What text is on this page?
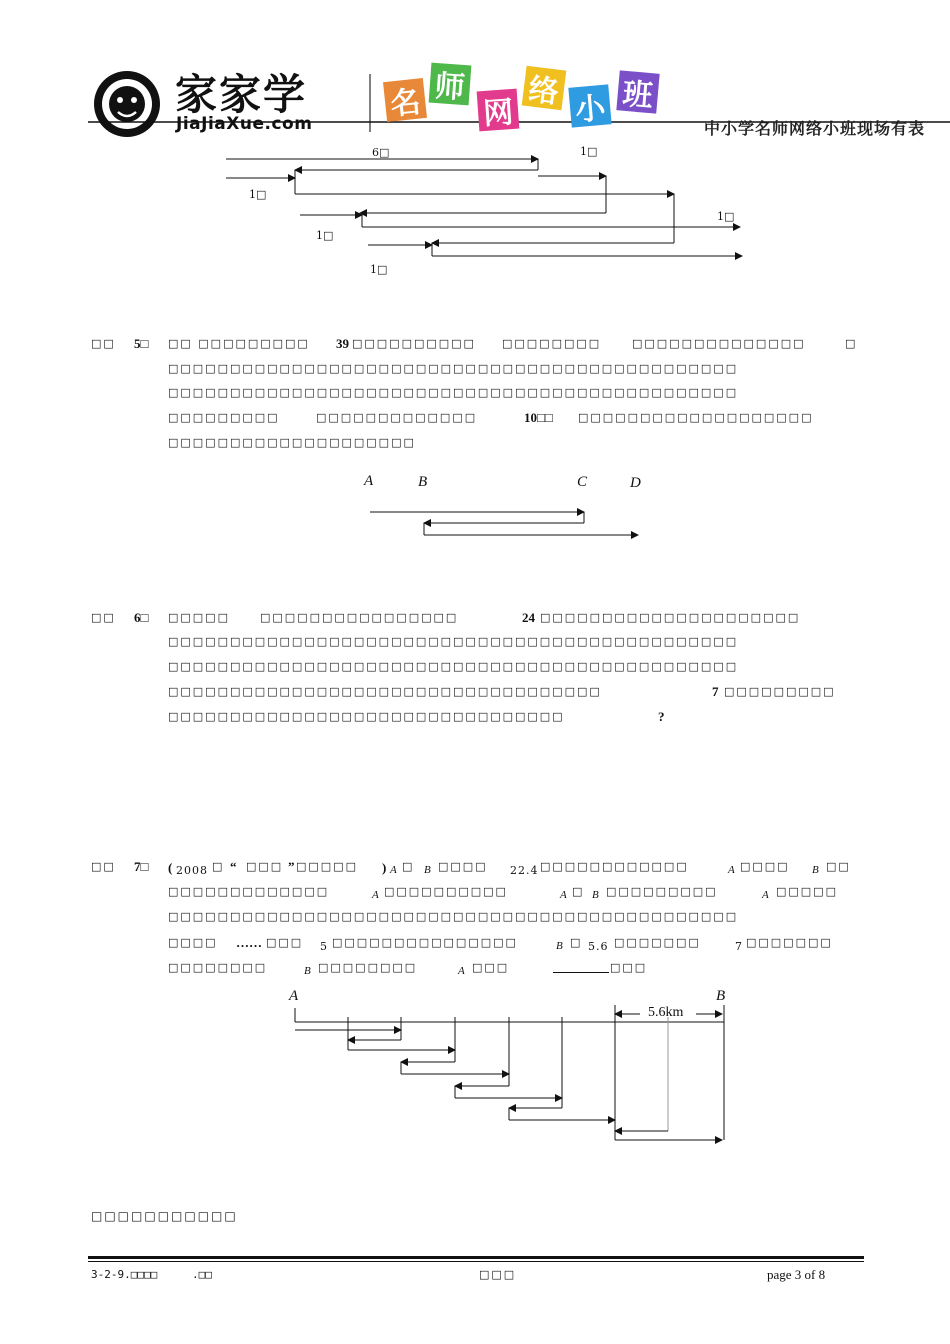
家家学
JiaJiaXue.com
名 师
网
络 小 班
中小学名师网络小班现场有表
6□	1□
1□
1□
1□
1□
□□ 5□ □□ □□□□□□□□□ 39 □□□□□□□□□□ □□□□□□□□	□□□□□□□□□□□□□□	□
□□□□□□□□□□□□□□□□□□□□□□□□□□□□□□□□□□□□□□□□□□□□□□
□□□□□□□□□□□□□□□□□□□□□□□□□□□□□□□□□□□□□□□□□□□□□□
□□□□□□□□□	□□□□□□□□□□□□□	10□□ □□□□□□□□□□□□□□□□□□□
□□□□□□□□□□□□□□□□□□□□
A	B	C	D
□□ 6□ □□□□□	□□□□□□□□□□□□□□□□	24 □□□□□□□□□□□□□□□□□□□□□
□□□□□□□□□□□□□□□□□□□□□□□□□□□□□□□□□□□□□□□□□□□□□□
□□□□□□□□□□□□□□□□□□□□□□□□□□□□□□□□□□□□□□□□□□□□□□
□□□□□□□□□□□□□□□□□□□□□□□□□□□□□□□□□□□	7 □□□□□□□□□
□□□□□□□□□□□□□□□□□□□□□□□□□□□□□□□□	?
□□ 7□ ( 2008 □ “ □□□ ” □□□□□ ) A □ B □□□□ 22.4 □□□□□□□□□□□□	A □□□□ B □□
□□□□□□□□□□□□□	A □□□□□□□□□□	A □ B □□□□□□□□□	A □□□□□
□□□□□□□□□□□□□□□□□□□□□□□□□□□□□□□□□□□□□□□□□□□□□□
□□□□ …… □□□ 5 □□□□□□□□□□□□□□□	B □ 5.6 □□□□□□□	7 □□□□□□□
□□□□□□□□	B □□□□□□□□	A □□□	□□□
A	B
5.6km
□□□□□□□□□□□
3-2-9.□□□□	.□□	□□□	page 3 of 8
